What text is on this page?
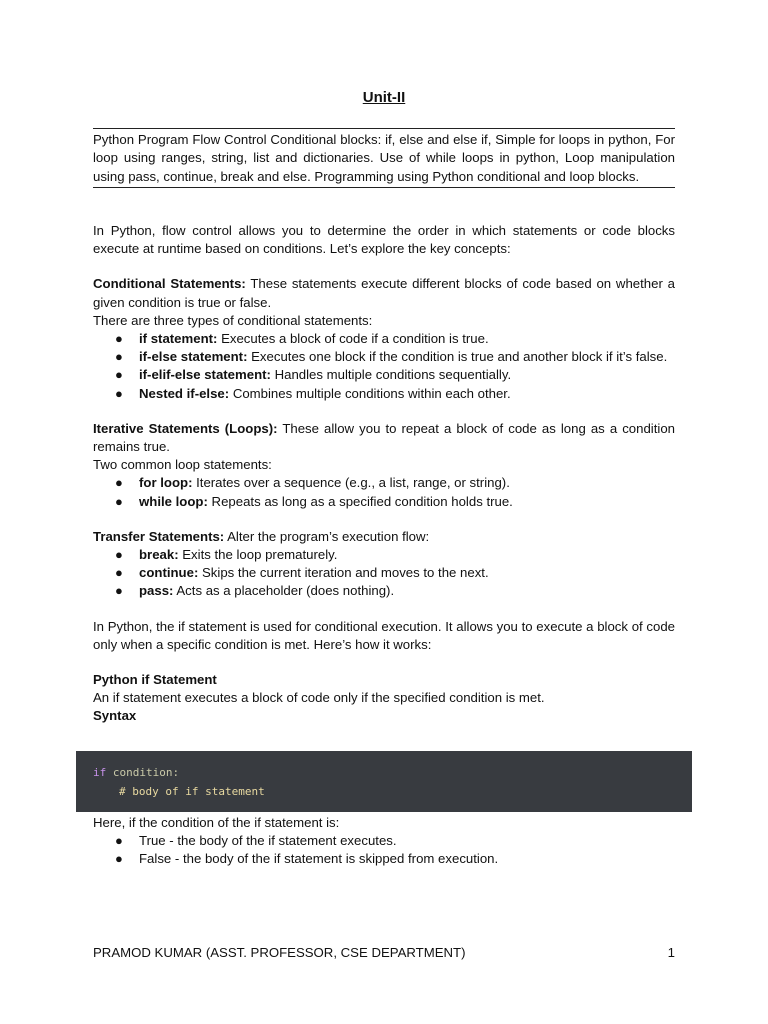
Unit-II
Python Program Flow Control Conditional blocks: if, else and else if, Simple for loops in python, For loop using ranges, string, list and dictionaries. Use of while loops in python, Loop manipulation using pass, continue, break and else. Programming using Python conditional and loop blocks.

In Python, flow control allows you to determine the order in which statements or code blocks execute at runtime based on conditions. Let’s explore the key concepts:

Conditional Statements: These statements execute different blocks of code based on whether a given condition is true or false.

There are three types of conditional statements:

● if statement: Executes a block of code if a condition is true.
● if-else statement: Executes one block if the condition is true and another block if it’s false.
● if-elif-else statement: Handles multiple conditions sequentially.
● Nested if-else: Combines multiple conditions within each other.

Iterative Statements (Loops): These allow you to repeat a block of code as long as a condition remains true.

Two common loop statements:

● for loop: Iterates over a sequence (e.g., a list, range, or string).
● while loop: Repeats as long as a specified condition holds true.

Transfer Statements: Alter the program’s execution flow:

● break: Exits the loop prematurely.
● continue: Skips the current iteration and moves to the next.
● pass: Acts as a placeholder (does nothing).

In Python, the if statement is used for conditional execution. It allows you to execute a block of code only when a specific condition is met. Here’s how it works:

Python if Statement

An if statement executes a block of code only if the specified condition is met.

Syntax

if condition:
# body of if statement

Here, if the condition of the if statement is:

● True - the body of the if statement executes.
● False - the body of the if statement is skipped from execution.
PRAMOD KUMAR (ASST. PROFESSOR, CSE DEPARTMENT)	1
